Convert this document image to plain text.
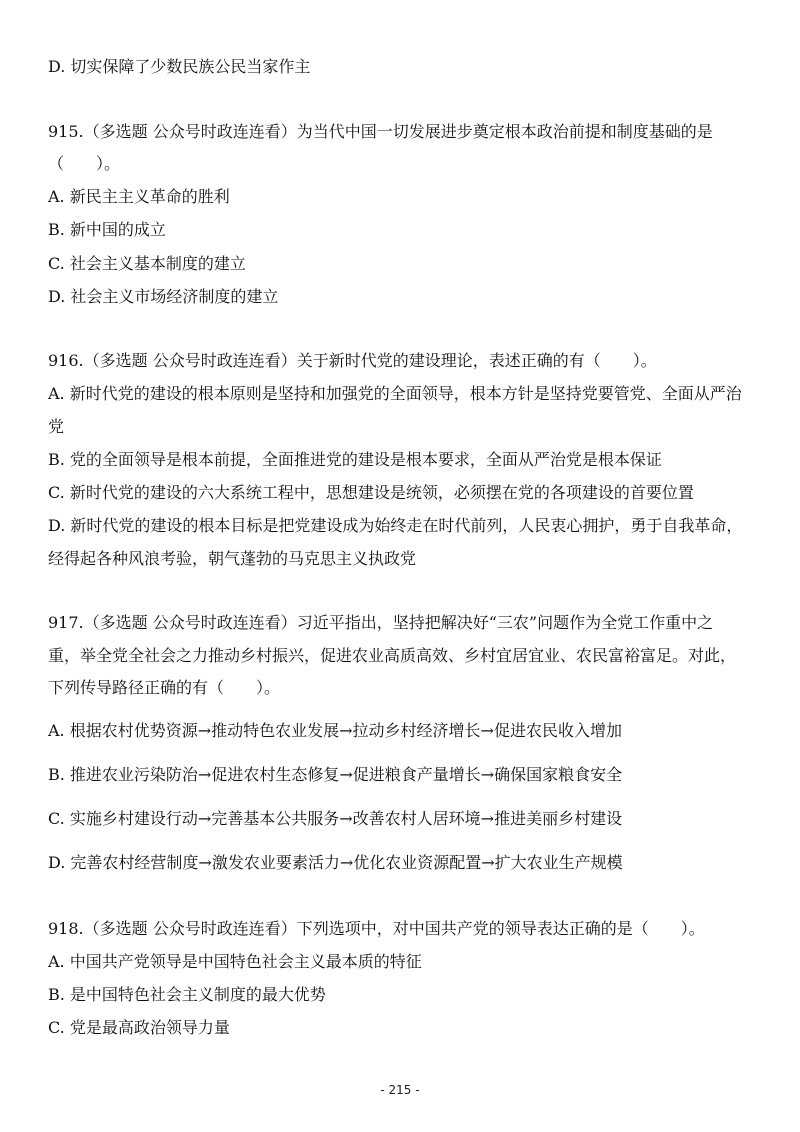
D. 切实保障了少数民族公民当家作主
915.（多选题 公众号时政连连看）为当代中国一切发展进步奠定根本政治前提和制度基础的是
（　　）。
A. 新民主主义革命的胜利
B. 新中国的成立
C. 社会主义基本制度的建立
D. 社会主义市场经济制度的建立
916.（多选题 公众号时政连连看）关于新时代党的建设理论，表述正确的有（　　）。
A. 新时代党的建设的根本原则是坚持和加强党的全面领导，根本方针是坚持党要管党、全面从严治
党
B. 党的全面领导是根本前提，全面推进党的建设是根本要求，全面从严治党是根本保证
C. 新时代党的建设的六大系统工程中，思想建设是统领，必须摆在党的各项建设的首要位置
D. 新时代党的建设的根本目标是把党建设成为始终走在时代前列，人民衷心拥护，勇于自我革命，
经得起各种风浪考验，朝气蓬勃的马克思主义执政党
917.（多选题 公众号时政连连看）习近平指出，坚持把解决好“三农”问题作为全党工作重中之
重，举全党全社会之力推动乡村振兴，促进农业高质高效、乡村宜居宜业、农民富裕富足。对此，
下列传导路径正确的有（　　）。
A. 根据农村优势资源→推动特色农业发展→拉动乡村经济增长→促进农民收入增加
B. 推进农业污染防治→促进农村生态修复→促进粮食产量增长→确保国家粮食安全
C. 实施乡村建设行动→完善基本公共服务→改善农村人居环境→推进美丽乡村建设
D. 完善农村经营制度→激发农业要素活力→优化农业资源配置→扩大农业生产规模
918.（多选题 公众号时政连连看）下列选项中，对中国共产党的领导表达正确的是（　　）。
A. 中国共产党领导是中国特色社会主义最本质的特征
B. 是中国特色社会主义制度的最大优势
C. 党是最高政治领导力量
- 215 -
